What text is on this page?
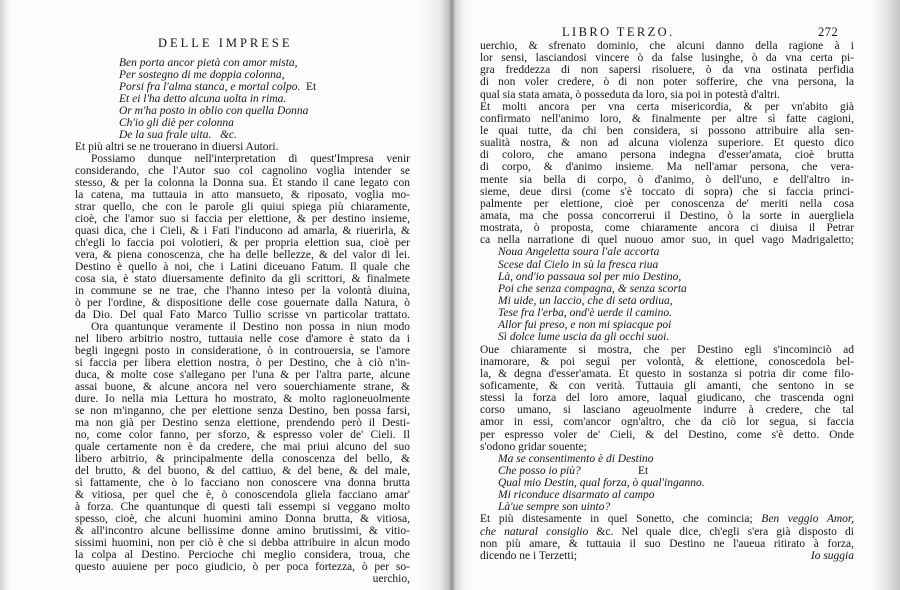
DELLE IMPRESE
Ben porta ancor pietà con amor mista,
Per sostegno di me doppia colonna,
Porsi fra l'alma stanca, e mortal colpo.
Et ei l'ha detto alcuna uolta in rima.
Or m'ha posto in oblio con quella Donna
Ch'io gli diè per colonna
De la sua frale uita.   &c.
Et più altri se ne trouerano in diuersi Autori.
Possiamo dunque nell'interpretation di quest'Impresa venir
considerando, che l'Autor suo col cagnolino voglia intender se
stesso, & per la colonna la Donna sua. Et stando il cane legato con
la catena, ma tuttauia in atto mansueto, & riposato, voglia mo-
strar quello, che con le parole gli quiui spiega più chiaramente,
cioè, che l'amor suo si faccia per elettione, & per destino insieme,
quasi dica, che i Cieli, & i Fati l'inducono ad amarla, & riuerirla, &
ch'egli lo faccia poi volotieri, & per propria elettion sua, cioè per
vera, & piena conoscenza, che ha delle bellezze, & del valor di lei.
Destino è quello à noi, che i Latini diceuano Fatum. Il quale che
cosa sia, è stato diuersamente definito da gli scrittori, & finalmete
in commune se ne trae, che l'hanno inteso per la volontà diuina,
ò per l'ordine, & dispositione delle cose gouernate dalla Natura, ò
da Dio. Del qual Fato Marco Tullio scrisse vn particolar trattato.
Ora quantunque veramente il Destino non possa in niun modo
nel libero arbitrio nostro, tuttauia nelle cose d'amore è stato da i
begli ingegni posto in consideratione, ò in controuersia, se l'amore
si faccia per libera elettion nostra, ò per Destino, che à ciò n'in-
duca, & molte cose s'allegano per l'una & per l'altra parte, alcune
assai buone, & alcune ancora nel vero souerchiamente strane, &
dure. Io nella mia Lettura ho mostrato, & molto ragioneuolmente
se non m'inganno, che per elettione senza Destino, ben possa farsi,
ma non già per Destino senza elettione, prendendo però il Desti-
no, come color fanno, per sforzo, & espresso voler de' Cieli. Il
quale certamente non è da credere, che mai priui alcuno del suo
libero arbitrio, & principalmente della conoscenza del bello, &
del brutto, & del buono, & del cattiuo, & del bene, & del male,
sì fattamente, che ò lo facciano non conoscere vna donna brutta
& vitiosa, per quel che è, ò conoscendola gliela facciano amar'
à forza. Che quantunque di questi tali essempi si veggano molto
spesso, cioè, che alcuni huomini amino Donna brutta, & vitiosa,
& all'incontro alcune bellissime donne amino brutissimi, & vitio-
sissimi huomini, non per ciò è che si debba attribuire in alcun modo
la colpa al Destino. Percioche chi meglio considera, troua, che
questo auuiene per poco giudicio, ò per poca fortezza, ò per so-
Et
uerchio,
LIBRO TERZO.	272
uerchio, & sfrenato dominio, che alcuni danno della ragione à i
lor sensi, lasciandosi vincere ò da false lusinghe, ò da vna certa pi-
gra freddezza di non sapersi risoluere, ò da vna ostinata perfidia
di non voler credere, ò di non poter sofferire, che vna persona, la
qual sia stata amata, ò posseduta da loro, sia poi in potestà d'altri.
Et molti ancora per vna certa misericordia, & per vn'abito già
confirmato nell'animo loro, & finalmente per altre sì fatte cagioni,
le quai tutte, da chi ben considera, si possono attribuire alla sen-
sualità nostra, & non ad alcuna violenza superiore. Et questo dico
di coloro, che amano persona indegna d'esser'amata, cioè brutta
di corpo, & d'animo insieme. Ma nell'amar persona, che vera-
mente sia bella di corpo, ò d'animo, ò dell'uno, e dell'altro in-
sieme, deue dirsi (come s'è toccato di sopra) che si faccia princi-
palmente per elettione, cioè per conoscenza de' meriti nella cosa
amata, ma che possa concorrerui il Destino, ò la sorte in auergliela
mostrata, ò proposta, come chiaramente ancora ci diuisa il Petrar
ca nella narratione di quel nuouo amor suo, in quel vago Madrigaletto;
Noua Angeletta soura l'ale accorta
Scese dal Cielo in sù la fresca riua
Là, ond'io passaua sol per mio Destino,
Poi che senza compagna, & senza scorta
Mi uide, un laccio, che di seta ordiua,
Tese fra l'erba, ond'è uerde il camino.
Allor fui preso, e non mi spiacque poi
Sì dolce lume uscia da gli occhi suoi.
Oue chiaramente si mostra, che per Destino egli s'incominciò ad
inamorare, & poi seguì per volontà, & elettione, conoscedola bel-
la, & degna d'esser'amata. Et questo in sostanza si potria dir come filo-
soficamente, & con verità. Tuttauia gli amanti, che sentono in se
stessi la forza del loro amore, laqual giudicano, che trascenda ogni
corso umano, si lasciano ageuolmente indurre à credere, che tal
amor in essi, com'ancor ogn'altro, che da ciò lor segua, si faccia
per espresso voler de' Cieli, & del Destino, come s'è detto. Onde
s'odono gridar souente;
Ma se consentimento è di Destino
Che posso io più?
Qual mio Destin, qual forza, ò qual'inganno.
Mi riconduce disarmato al campo
Là'ue sempre son uinto?
Et più distesamente in quel Sonetto, che comincia; Ben veggio Amor,
che natural consiglio &c. Nel quale dice, ch'egli s'era già disposto di
non più amare, & tuttauia il suo Destino ne l'aueua ritirato à forza,
dicendo ne i Terzetti;
Et
Io suggia
